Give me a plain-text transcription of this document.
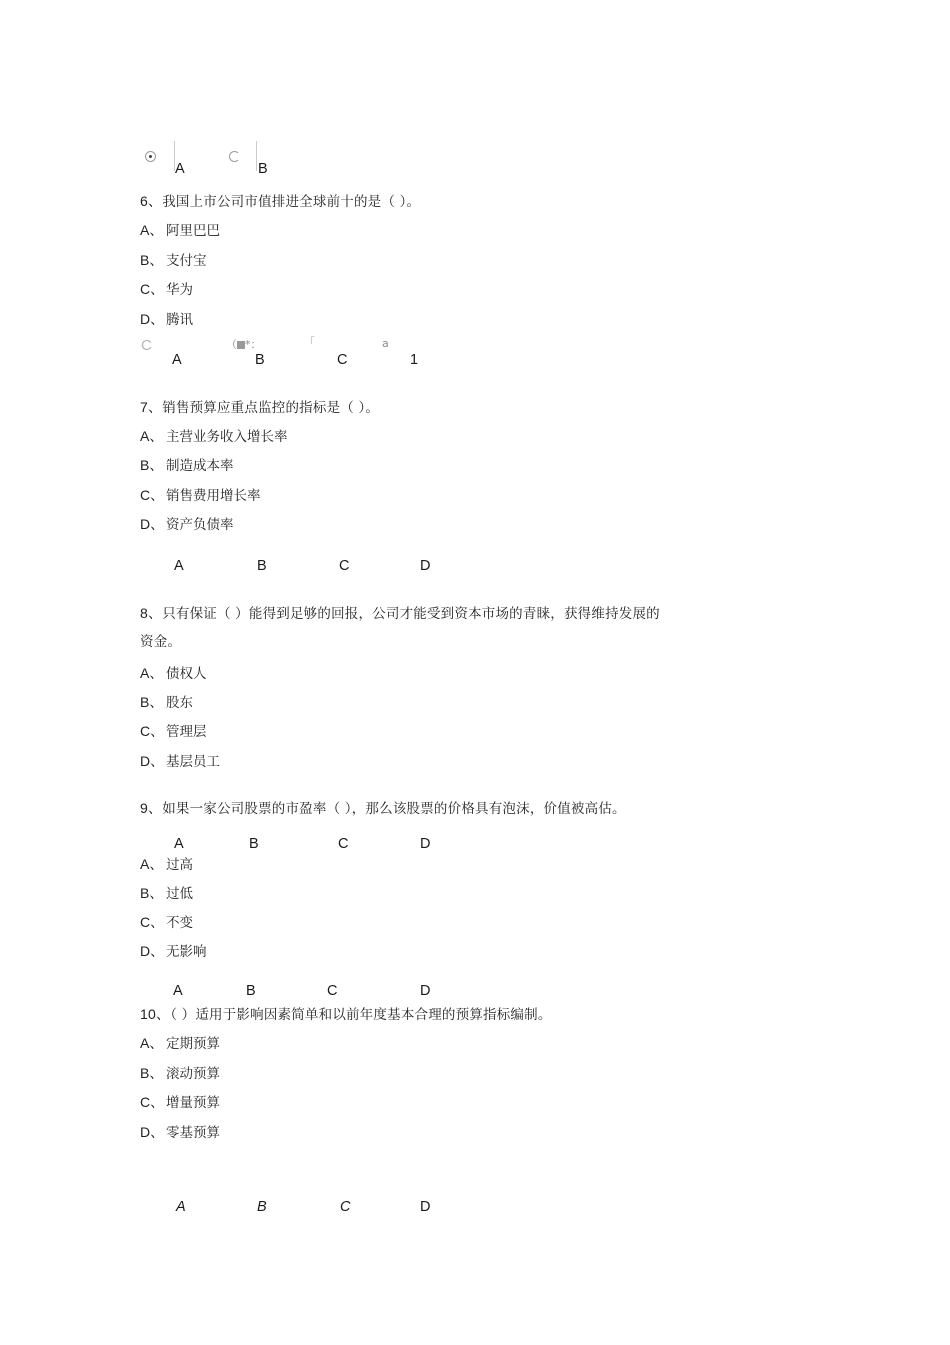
A	B
6、我国上市公司市值排进全球前十的是（ ）。
A、 阿里巴巴
B、 支付宝
C、 华为
D、 腾讯
C	（ *：	「	a
A	B	C	1
7、销售预算应重点监控的指标是（ ）。
A、 主营业务收入增长率
B、 制造成本率
C、 销售费用增长率
D、 资产负债率
A	B	C	D
8、只有保证（ ）能得到足够的回报，公司才能受到资本市场的青睐，获得维持发展的
资金。
A、 债权人
B、 股东
C、 管理层
D、 基层员工
9、如果一家公司股票的市盈率（ ），那么该股票的价格具有泡沫，价值被高估。
A	B	C	D
A、 过高
B、 过低
C、 不变
D、 无影响
A	B	C	D
10、（ ）适用于影响因素简单和以前年度基本合理的预算指标编制。
A、 定期预算
B、 滚动预算
C、 增量预算
D、 零基预算
A	B	C	D
